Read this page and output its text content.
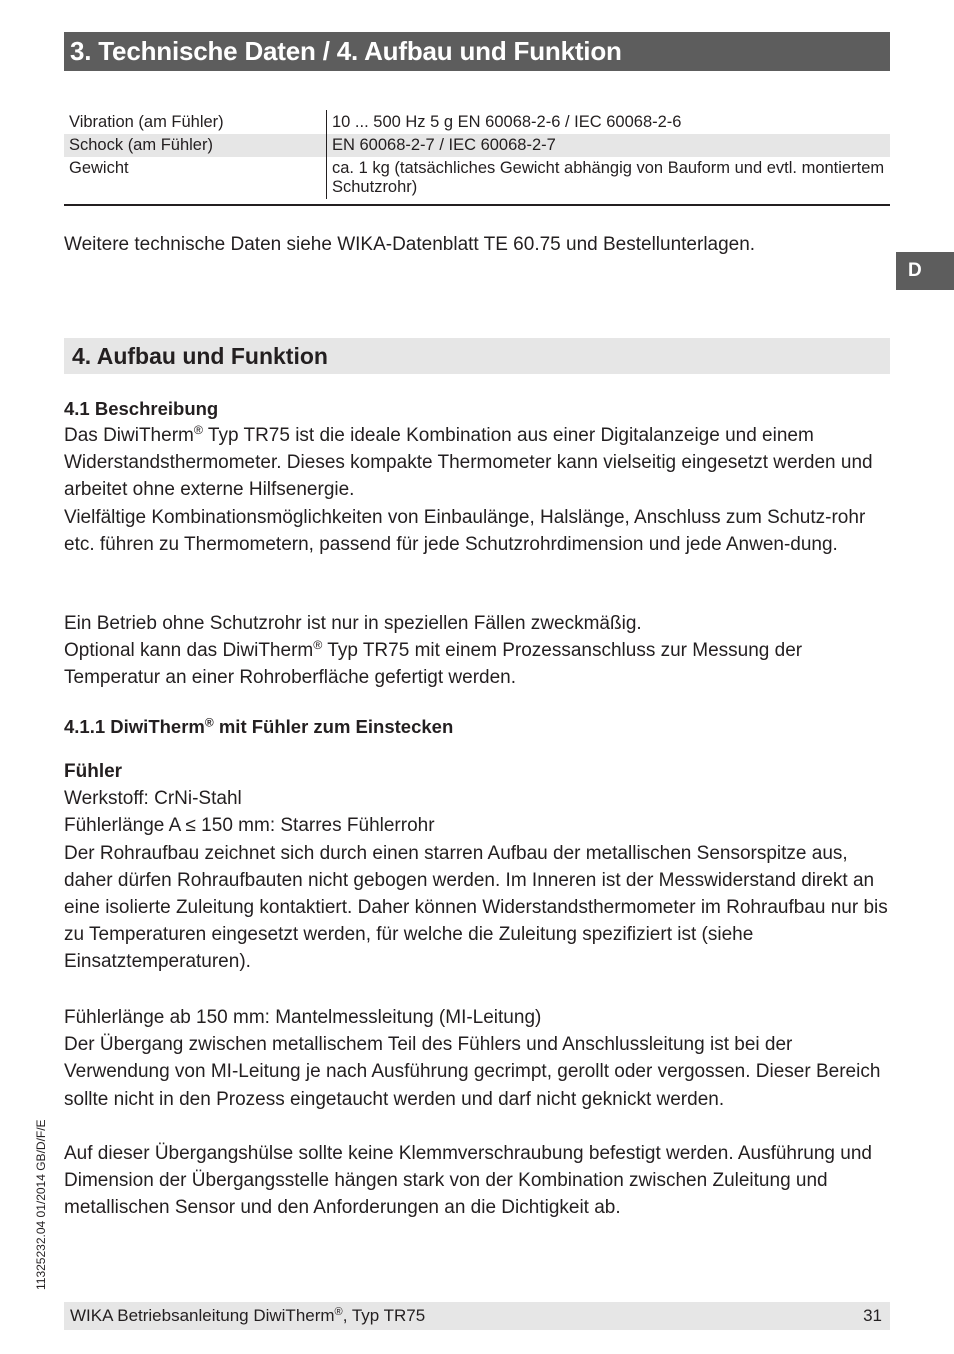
3. Technische Daten / 4. Aufbau und Funktion
Vibration (am Fühler)	10 ... 500 Hz 5 g EN 60068-2-6 / IEC 60068-2-6
Schock (am Fühler)	EN 60068-2-7 / IEC 60068-2-7
Gewicht	ca. 1 kg (tatsächliches Gewicht abhängig von Bauform und evtl. montiertem Schutzrohr)

Weitere technische Daten siehe WIKA-Datenblatt TE 60.75 und Bestellunterlagen.

D
4. Aufbau und Funktion

4.1 Beschreibung

Das DiwiTherm® Typ TR75 ist die ideale Kombination aus einer Digitalanzeige und einem Widerstandsthermometer. Dieses kompakte Thermometer kann vielseitig eingesetzt werden und arbeitet ohne externe Hilfsenergie.
Vielfältige Kombinationsmöglichkeiten von Einbaulänge, Halslänge, Anschluss zum Schutz-rohr etc. führen zu Thermometern, passend für jede Schutzrohrdimension und jede Anwen-dung.

Ein Betrieb ohne Schutzrohr ist nur in speziellen Fällen zweckmäßig.
Optional kann das DiwiTherm® Typ TR75 mit einem Prozessanschluss zur Messung der Temperatur an einer Rohroberfläche gefertigt werden.

4.1.1 DiwiTherm® mit Fühler zum Einstecken

Fühler
Werkstoff: CrNi-Stahl
Fühlerlänge A ≤ 150 mm: Starres Fühlerrohr
Der Rohraufbau zeichnet sich durch einen starren Aufbau der metallischen Sensorspitze aus, daher dürfen Rohraufbauten nicht gebogen werden. Im Inneren ist der Messwiderstand direkt an eine isolierte Zuleitung kontaktiert. Daher können Widerstandsthermometer im Rohraufbau nur bis zu Temperaturen eingesetzt werden, für welche die Zuleitung spezifiziert ist (siehe Einsatztemperaturen).

Fühlerlänge ab 150 mm: Mantelmessleitung (MI-Leitung)
Der Übergang zwischen metallischem Teil des Fühlers und Anschlussleitung ist bei der Verwendung von MI-Leitung je nach Ausführung gecrimpt, gerollt oder vergossen. Dieser Bereich sollte nicht in den Prozess eingetaucht werden und darf nicht geknickt werden.

Auf dieser Übergangshülse sollte keine Klemmverschraubung befestigt werden. Ausführung und Dimension der Übergangsstelle hängen stark von der Kombination zwischen Zuleitung und metallischen Sensor und den Anforderungen an die Dichtigkeit ab.

11325232.04 01/2014 GB/D/F/E
WIKA Betriebsanleitung DiwiTherm®, Typ TR75	31
